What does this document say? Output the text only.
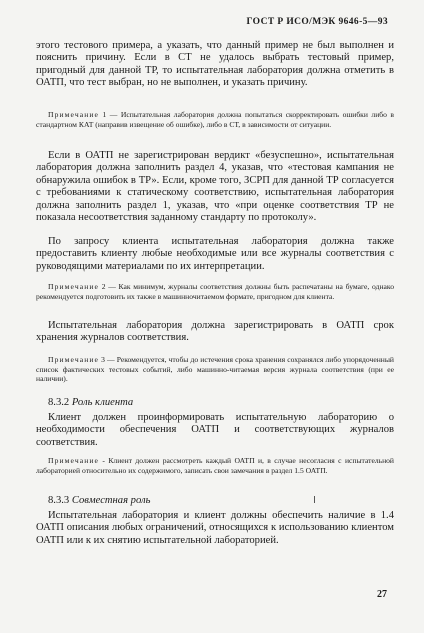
ГОСТ Р ИСО/МЭК 9646-5—93

этого тестового примера, а указать, что данный пример не был выполнен и пояснить причину. Если в СТ не удалось выбрать тестовый пример, пригодный для данной ТР, то испытательная лаборатория должна отметить в ОАТП, что тест выбран, но не выполнен, и указать причину.

Примечание 1 — Испытательная лаборатория должна попытаться скорректировать ошибки либо в стандартном КАТ (направив извещение об ошибке), либо в СТ, в зависимости от ситуации.

Если в ОАТП не зарегистрирован вердикт «безуспешно», испытательная лаборатория должна заполнить раздел 4, указав, что «тестовая кампания не обнаружила ошибок в ТР». Если, кроме того, ЗСРП для данной ТР согласуется с требованиями к статическому соответствию, испытательная лаборатория должна заполнить раздел 1, указав, что «при оценке соответствия ТР не показала несоответствия заданному стандарту по протоколу».

По запросу клиента испытательная лаборатория должна также предоставить клиенту любые необходимые или все журналы соответствия с руководящими материалами по их интерпретации.

Примечание 2 — Как минимум, журналы соответствия должны быть распечатаны на бумаге, однако рекомендуется подготовить их также в машинночитаемом формате, пригодном для клиента.

Испытательная лаборатория должна зарегистрировать в ОАТП срок хранения журналов соответствия.

Примечание 3 — Рекомендуется, чтобы до истечения срока хранения сохранялся либо упорядоченный список фактических тестовых событий, либо машинно-читаемая версия журнала соответствия (при ее наличии).

8.3.2 Роль клиента

Клиент должен проинформировать испытательную лабораторию о необходимости обеспечения ОАТП и соответствующих журналов соответствия.

Примечание - Клиент должен рассмотреть каждый ОАТП и, в случае несогласия с испытательной лабораторией относительно их содержимого, записать свои замечания в раздел 1.5 ОАТП.

8.3.3 Совместная роль

Испытательная лаборатория и клиент должны обеспечить наличие в 1.4 ОАТП описания любых ограничений, относящихся к использованию клиентом ОАТП или к их снятию испытательной лабораторией.

27
